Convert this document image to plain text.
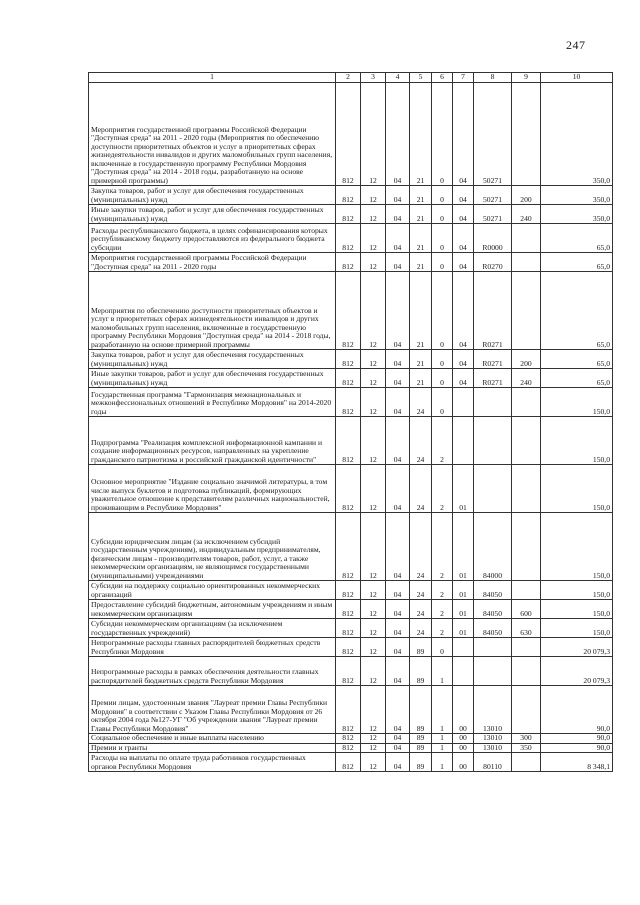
247
1	2	3	4	5	6	7	8	9	10
Мероприятия государственной программы Российской Федерации "Доступная среда" на 2011 - 2020 годы (Мероприятия по обеспечению доступности приоритетных объектов и услуг в приоритетных сферах жизнедеятельности инвалидов и других маломобильных групп населения, включенные в государственную программу Республики Мордовия "Доступная среда" на 2014 - 2018 годы, разработанную на основе примерной программы)	812	12	04	21	0	04	50271		350,0
Закупка товаров, работ и услуг для обеспечения государственных (муниципальных) нужд	812	12	04	21	0	04	50271	200	350,0
Иные закупки товаров, работ и услуг для обеспечения государственных (муниципальных) нужд	812	12	04	21	0	04	50271	240	350,0
Расходы республиканского бюджета, в целях софинансирования которых республиканскому бюджету предоставляются из федерального бюджета субсидии	812	12	04	21	0	04	R0000		65,0
Мероприятия государственной программы Российской Федерации "Доступная среда" на 2011 - 2020 годы	812	12	04	21	0	04	R0270		65,0
Мероприятия по обеспечению доступности приоритетных объектов и услуг в приоритетных сферах жизнедеятельности инвалидов и других маломобильных групп населения, включенные в государственную программу Республики Мордовия "Доступная среда" на 2014 - 2018 годы, разработанную на основе примерной программы	812	12	04	21	0	04	R0271		65,0
Закупка товаров, работ и услуг для обеспечения государственных (муниципальных) нужд	812	12	04	21	0	04	R0271	200	65,0
Иные закупки товаров, работ и услуг для обеспечения государственных (муниципальных) нужд	812	12	04	21	0	04	R0271	240	65,0
Государственная программа "Гармонизация межнациональных и межконфессиональных отношений в Республике Мордовия" на 2014-2020 годы	812	12	04	24	0				150,0
Подпрограмма "Реализация комплексной информационной кампании и создание информационных ресурсов, направленных на укрепление гражданского патриотизма и российской гражданской идентичности"	812	12	04	24	2				150,0
Основное мероприятие "Издание социально значимой литературы, в том числе выпуск буклетов и подготовка публикаций, формирующих уважительное отношение к представителям различных национальностей, проживающим в Республике Мордовия"	812	12	04	24	2	01			150,0
Субсидии юридическим лицам (за исключением субсидий государственным учреждениям), индивидуальным предпринимателям, физическим лицам - производителям товаров, работ, услуг, а также некоммерческим организациям, не являющимся государственными (муниципальными) учреждениями	812	12	04	24	2	01	84000		150,0
Субсидии на поддержку социально ориентированных некоммерческих организаций	812	12	04	24	2	01	84050		150,0
Предоставление субсидий бюджетным, автономным учреждениям и иным некоммерческим организациям	812	12	04	24	2	01	84050	600	150,0
Субсидии некоммерческим организациям (за исключением государственных учреждений)	812	12	04	24	2	01	84050	630	150,0
Непрограммные расходы главных распорядителей бюджетных средств Республики Мордовия	812	12	04	89	0				20 079,3
Непрограммные расходы в рамках обеспечения деятельности главных распорядителей бюджетных средств Республики Мордовия	812	12	04	89	1				20 079,3
Премии лицам, удостоенным звания "Лауреат премии Главы Республики Мордовия" в соответствии с Указом Главы Республики Мордовия от 26 октября 2004 года №127-УГ "Об учреждении звания "Лауреат премии Главы Республики Мордовия"	812	12	04	89	1	00	13010		90,0
Социальное обеспечение и иные выплаты населению	812	12	04	89	1	00	13010	300	90,0
Премии и гранты	812	12	04	89	1	00	13010	350	90,0
Расходы на выплаты по оплате труда работников государственных органов Республики Мордовия	812	12	04	89	1	00	80110		8 348,1
